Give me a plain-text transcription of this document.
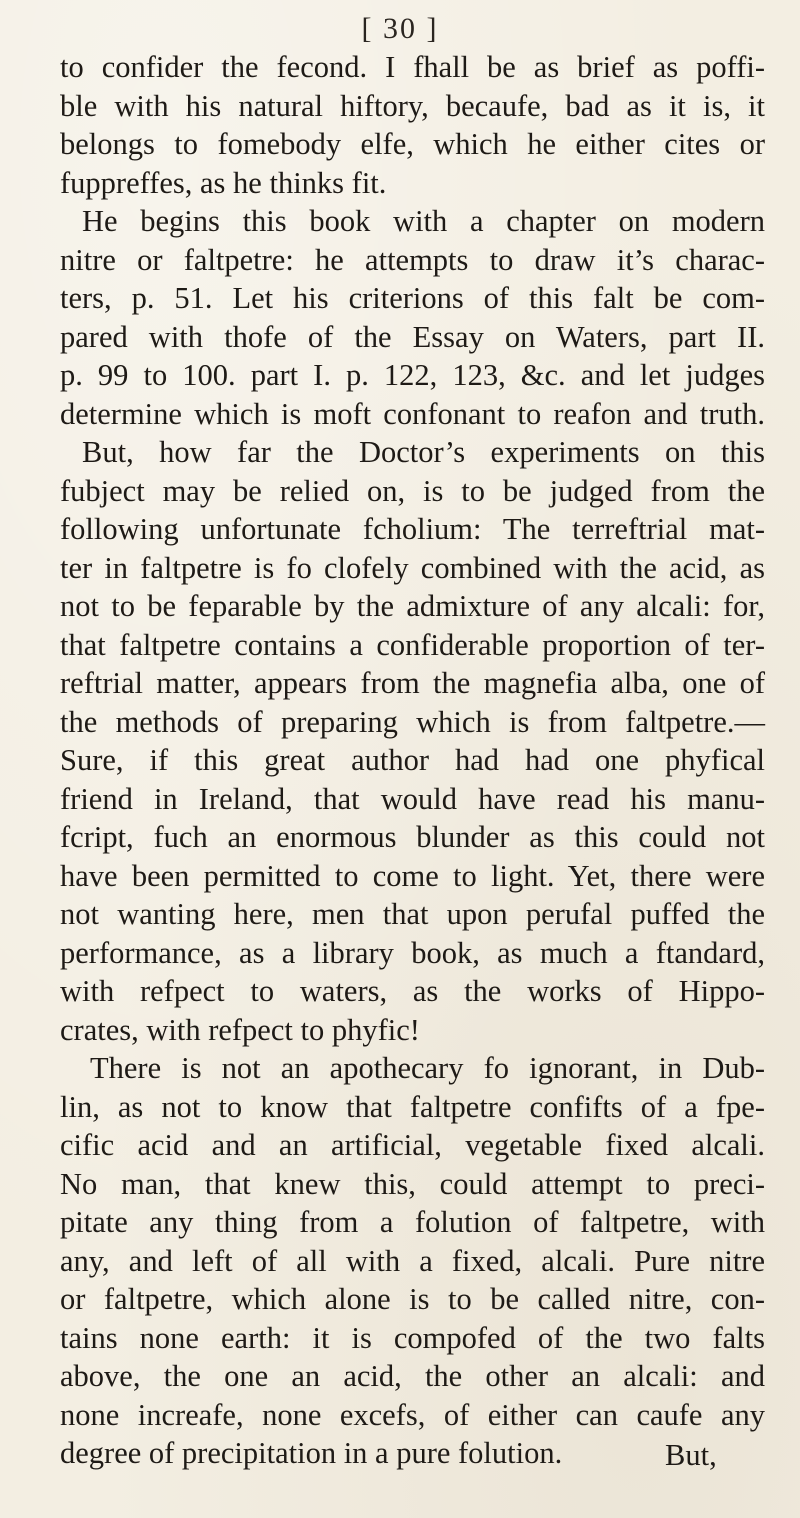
[ 30 ]
to confider the fecond. I fhall be as brief as poffi-
ble with his natural hiftory, becaufe, bad as it is, it
belongs to fomebody elfe, which he either cites or
fuppreffes, as he thinks fit.
He begins this book with a chapter on modern
nitre or faltpetre: he attempts to draw it’s charac-
ters, p. 51. Let his criterions of this falt be com-
pared with thofe of the Essay on Waters, part II.
p. 99 to 100. part I. p. 122, 123, &c. and let judges
determine which is moft confonant to reafon and truth.
But, how far the Doctor’s experiments on this
fubject may be relied on, is to be judged from the
following unfortunate fcholium: The terreftrial mat-
ter in faltpetre is fo clofely combined with the acid, as
not to be feparable by the admixture of any alcali: for,
that faltpetre contains a confiderable proportion of ter-
reftrial matter, appears from the magnefia alba, one of
the methods of preparing which is from faltpetre.—
Sure, if this great author had had one phyfical
friend in Ireland, that would have read his manu-
fcript, fuch an enormous blunder as this could not
have been permitted to come to light. Yet, there were
not wanting here, men that upon perufal puffed the
performance, as a library book, as much a ftandard,
with refpect to waters, as the works of Hippo-
crates, with refpect to phyfic!
There is not an apothecary fo ignorant, in Dub-
lin, as not to know that faltpetre confifts of a fpe-
cific acid and an artificial, vegetable fixed alcali.
No man, that knew this, could attempt to preci-
pitate any thing from a folution of faltpetre, with
any, and left of all with a fixed, alcali. Pure nitre
or faltpetre, which alone is to be called nitre, con-
tains none earth: it is compofed of the two falts
above, the one an acid, the other an alcali: and
none increafe, none excefs, of either can caufe any
degree of precipitation in a pure folution.	But,
